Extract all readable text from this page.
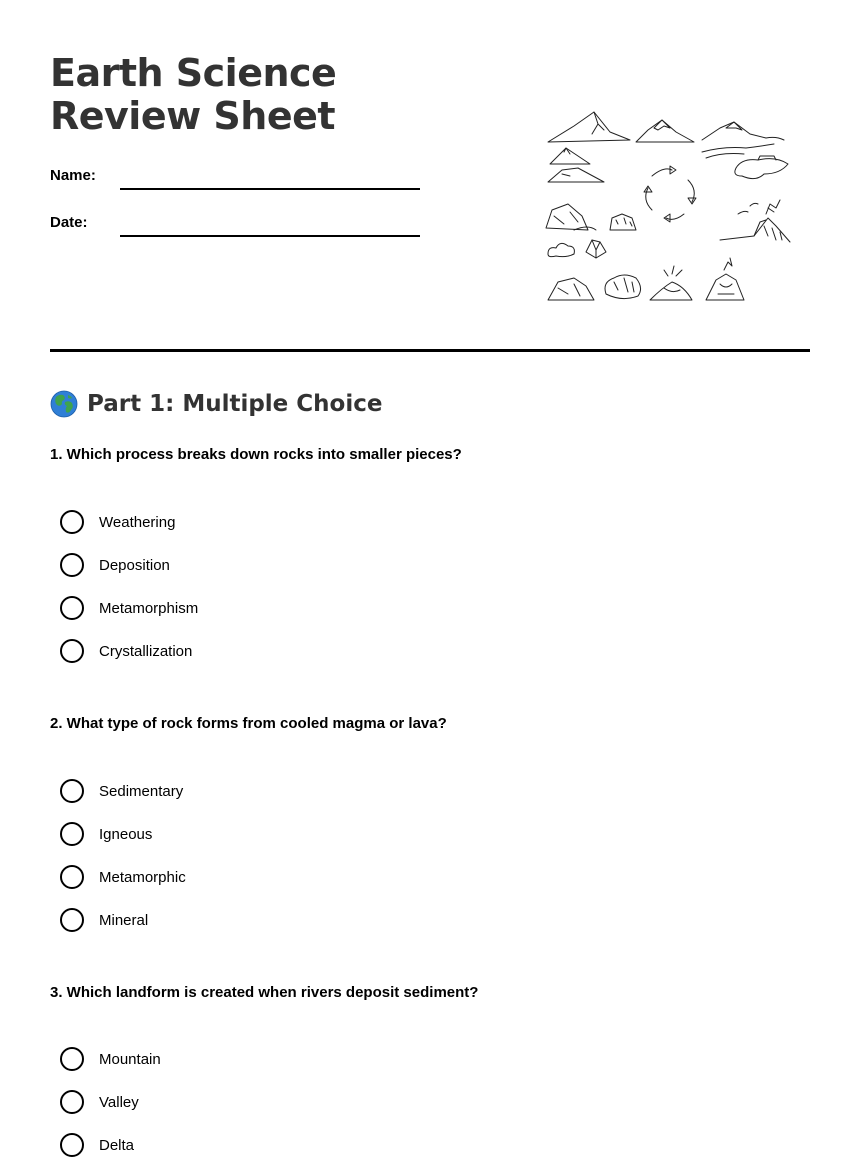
Earth Science Review Sheet
Name:
Date:
Part 1: Multiple Choice
1. Which process breaks down rocks into smaller pieces?
Weathering
Deposition
Metamorphism
Crystallization
2. What type of rock forms from cooled magma or lava?
Sedimentary
Igneous
Metamorphic
Mineral
3. Which landform is created when rivers deposit sediment?
Mountain
Valley
Delta
